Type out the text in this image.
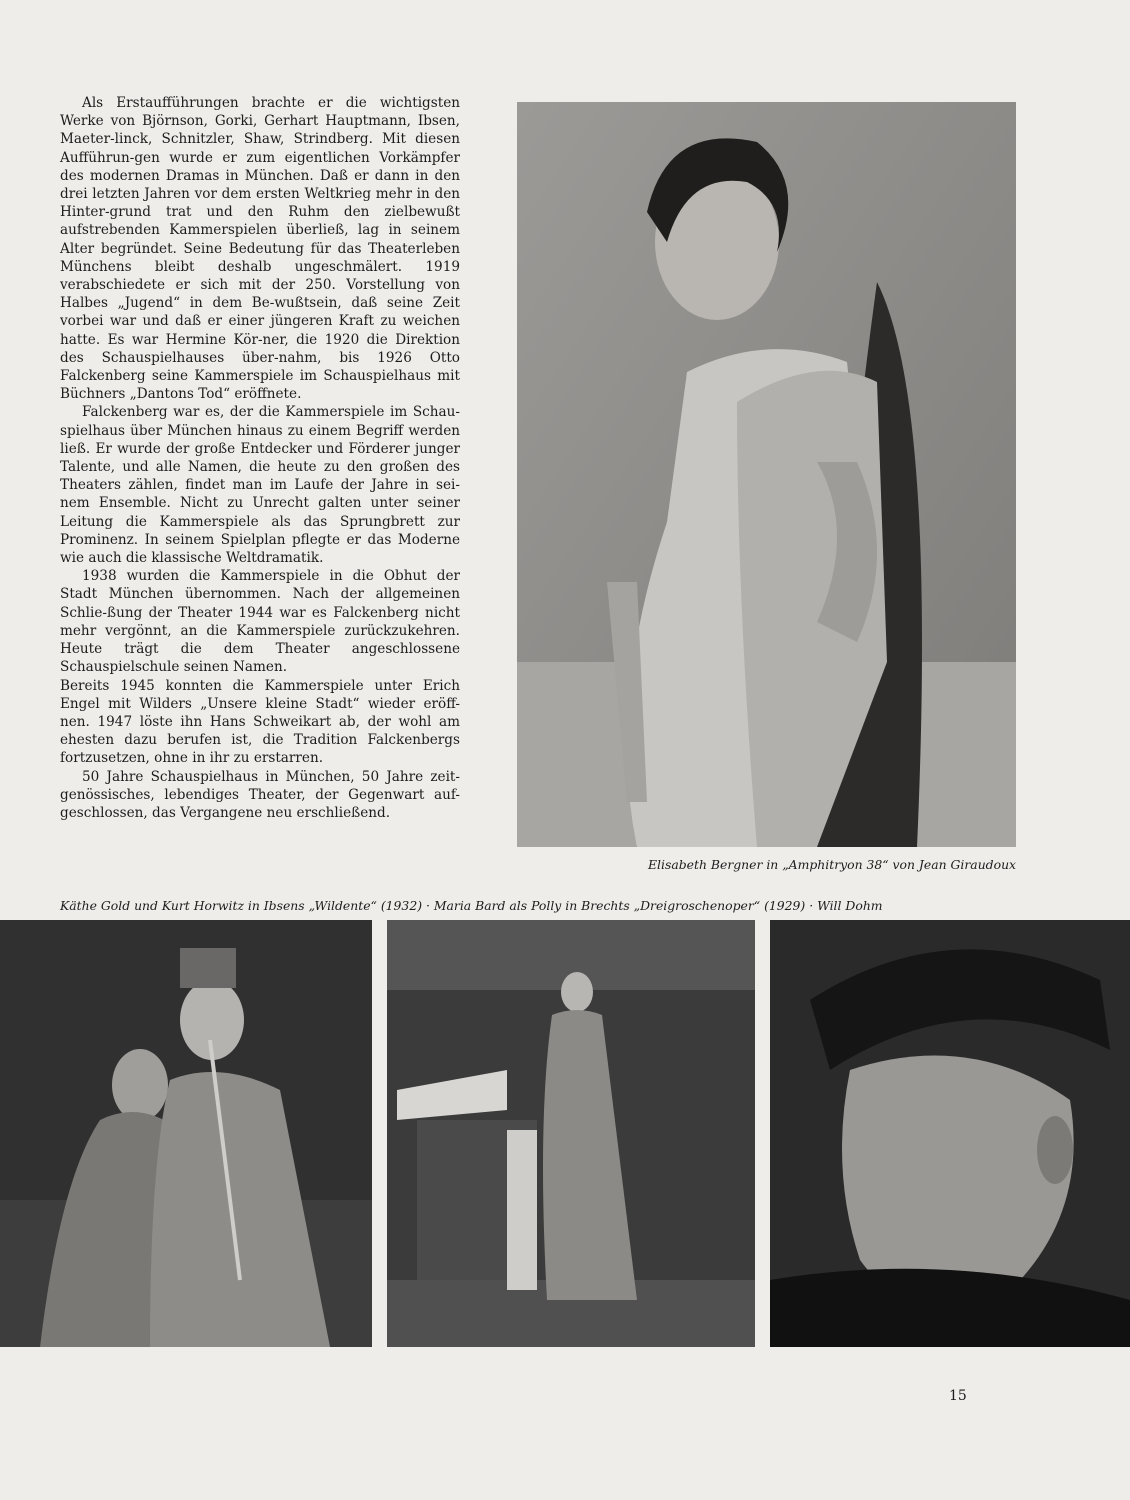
Als Erstaufführungen brachte er die wichtigsten Werke von Björnson, Gorki, Gerhart Hauptmann, Ibsen, Maeter-linck, Schnitzler, Shaw, Strindberg. Mit diesen Aufführun-gen wurde er zum eigentlichen Vorkämpfer des modernen Dramas in München. Daß er dann in den drei letzten Jahren vor dem ersten Weltkrieg mehr in den Hinter-grund trat und den Ruhm den zielbewußt aufstrebenden Kammerspielen überließ, lag in seinem Alter begründet. Seine Bedeutung für das Theaterleben Münchens bleibt deshalb ungeschmälert. 1919 verabschiedete er sich mit der 250. Vorstellung von Halbes „Jugend“ in dem Be-wußtsein, daß seine Zeit vorbei war und daß er einer jüngeren Kraft zu weichen hatte. Es war Hermine Kör-ner, die 1920 die Direktion des Schauspielhauses über-nahm, bis 1926 Otto Falckenberg seine Kammerspiele im Schauspielhaus mit Büchners „Dantons Tod“ eröffnete.

Falckenberg war es, der die Kammerspiele im Schau-spielhaus über München hinaus zu einem Begriff werden ließ. Er wurde der große Entdecker und Förderer junger Talente, und alle Namen, die heute zu den großen des Theaters zählen, findet man im Laufe der Jahre in sei-nem Ensemble. Nicht zu Unrecht galten unter seiner Leitung die Kammerspiele als das Sprungbrett zur Prominenz. In seinem Spielplan pflegte er das Moderne wie auch die klassische Weltdramatik.

1938 wurden die Kammerspiele in die Obhut der Stadt München übernommen. Nach der allgemeinen Schlie-ßung der Theater 1944 war es Falckenberg nicht mehr vergönnt, an die Kammerspiele zurückzukehren. Heute trägt die dem Theater angeschlossene Schauspielschule seinen Namen.

Bereits 1945 konnten die Kammerspiele unter Erich Engel mit Wilders „Unsere kleine Stadt“ wieder eröff-nen. 1947 löste ihn Hans Schweikart ab, der wohl am ehesten dazu berufen ist, die Tradition Falckenbergs fortzusetzen, ohne in ihr zu erstarren.

50 Jahre Schauspielhaus in München, 50 Jahre zeit-genössisches, lebendiges Theater, der Gegenwart auf-geschlossen, das Vergangene neu erschließend.

Elisabeth Bergner in „Amphitryon 38“ von Jean Giraudoux
Käthe Gold und Kurt Horwitz in Ibsens „Wildente“ (1932) · Maria Bard als Polly in Brechts „Dreigroschenoper“ (1929) · Will Dohm
15
